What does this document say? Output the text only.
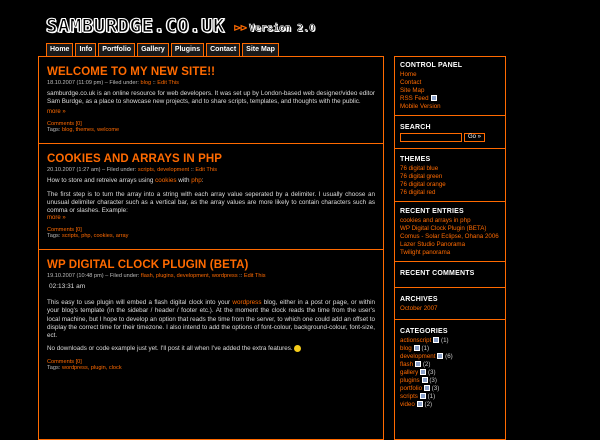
SAMBURDGE.CO.UK ⊳⊳ Version 2.0
Home	Info	Portfolio	Gallery	Plugins	Contact	Site Map
WELCOME TO MY NEW SITE!!
18.10.2007 (11:09 pm) – Filed under: blog :: Edit This

samburdge.co.uk is an online resource for web developers. It was set up by London-based web designer/video editor Sam Burdge, as a place to showcase new projects, and to share scripts, templates, and thoughts with the public.

more »
Comments [0]
Tags: blog, themes, welcome
COOKIES AND ARRAYS IN PHP
20.10.2007 (1:27 am) – Filed under: scripts, development :: Edit This

How to store and retreive arrays using cookies with php:

The first step is to turn the array into a string with each array value seperated by a delimiter. I usually choose an unusual delimiter character such as a vertical bar, as the array values are more likely to contain characters such as comma or slashes. Example:

more »
Comments [0]
Tags: scripts, php, cookies, array
WP DIGITAL CLOCK PLUGIN (BETA)
19.10.2007 (10:48 pm) – Filed under: flash, plugins, development, wordpress :: Edit This
02:13:31 am

This easy to use plugin will embed a flash digital clock into your wordpress blog, either in a post or page, or within your blog's template (in the sidebar / header / footer etc.). At the moment the clock reads the time from the user's local machine, but I hope to develop an option that reads the time from the server, to which one could add an offset to display the correct time for their timezone. I also intend to add the options of font-colour, background-colour, font-size, ect.

No downloads or code example just yet. I'll post it all when I've added the extra features.

Comments [0]
Tags: wordpress, plugin, clock
CONTROL PANEL
Home
Contact
Site Map
RSS Feed
Mobile Version
SEARCH
Go »
THEMES
76 digital blue
76 digital green
76 digital orange
76 digital red
RECENT ENTRIES
cookies and arrays in php
WP Digital Clock Plugin (BETA)
Comus - Solar Eclipse, Ohana 2006
Lazer Studio Panorama
Twilight panorama
RECENT COMMENTS
ARCHIVES
October 2007
CATEGORIES
actionscript (1)
blog (1)
development (6)
flash (2)
gallery (3)
plugins (3)
portfolio (3)
scripts (1)
video (2)
